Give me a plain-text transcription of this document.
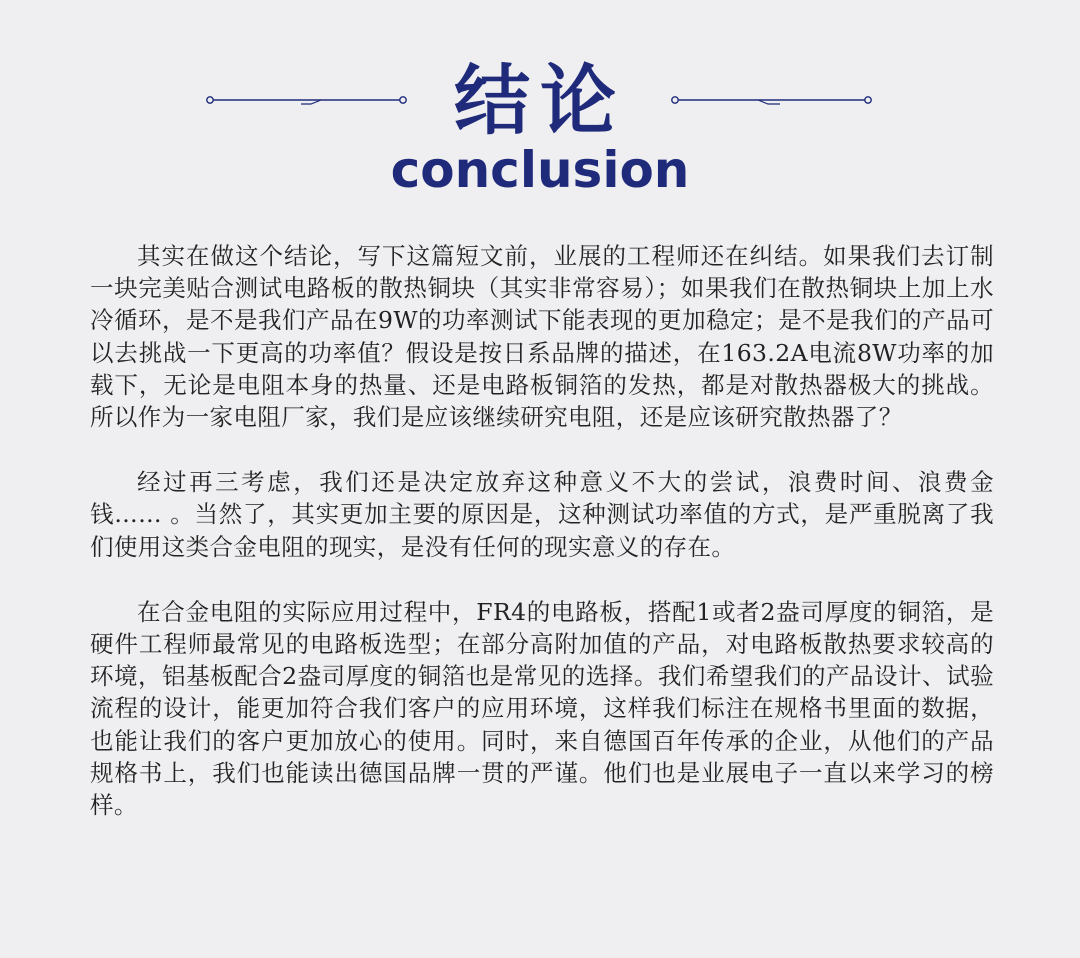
结论
conclusion

其实在做这个结论，写下这篇短文前，业展的工程师还在纠结。如果我们去订制一块完美贴合测试电路板的散热铜块（其实非常容易）；如果我们在散热铜块上加上水冷循环，是不是我们产品在9W的功率测试下能表现的更加稳定；是不是我们的产品可以去挑战一下更高的功率值？假设是按日系品牌的描述，在163.2A电流8W功率的加载下，无论是电阻本身的热量、还是电路板铜箔的发热，都是对散热器极大的挑战。所以作为一家电阻厂家，我们是应该继续研究电阻，还是应该研究散热器了？

经过再三考虑，我们还是决定放弃这种意义不大的尝试，浪费时间、浪费金钱…… 。当然了，其实更加主要的原因是，这种测试功率值的方式，是严重脱离了我们使用这类合金电阻的现实，是没有任何的现实意义的存在。

在合金电阻的实际应用过程中，FR4的电路板，搭配1或者2盎司厚度的铜箔，是硬件工程师最常见的电路板选型；在部分高附加值的产品，对电路板散热要求较高的环境，铝基板配合2盎司厚度的铜箔也是常见的选择。我们希望我们的产品设计、试验流程的设计，能更加符合我们客户的应用环境，这样我们标注在规格书里面的数据，也能让我们的客户更加放心的使用。同时，来自德国百年传承的企业，从他们的产品规格书上，我们也能读出德国品牌一贯的严谨。他们也是业展电子一直以来学习的榜样。
